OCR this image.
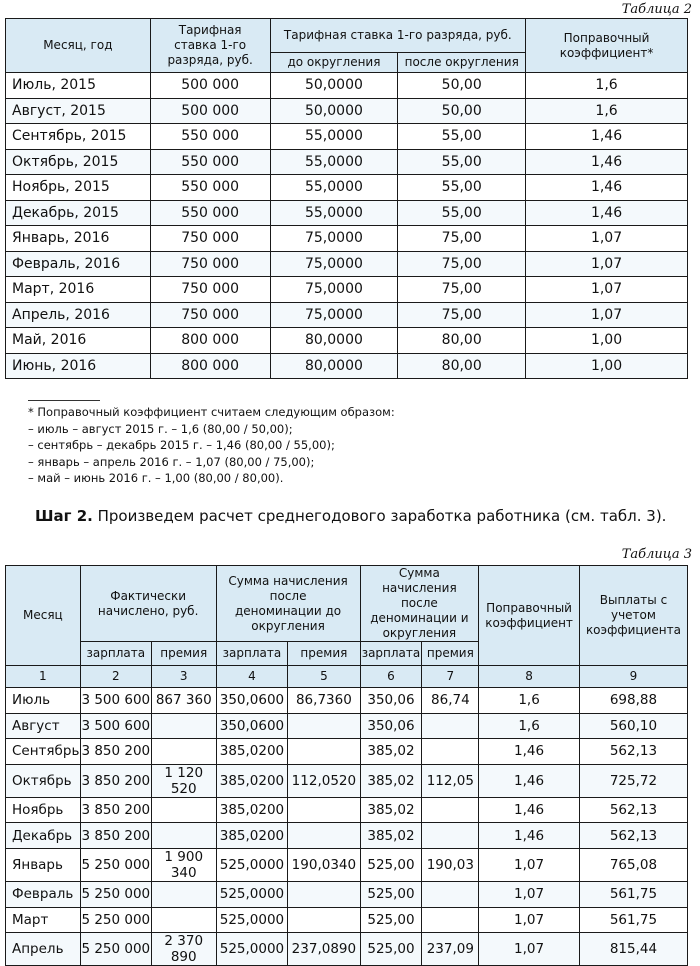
Таблица 2
Месяц, год	Тарифная ставка 1-го разряда, руб.	Тарифная ставка 1-го разряда, руб.		Поправочный коэффициент*
		до округления	после округления	
Июль, 2015	500 000	50,0000	50,00	1,6
Август, 2015	500 000	50,0000	50,00	1,6
Сентябрь, 2015	550 000	55,0000	55,00	1,46
Октябрь, 2015	550 000	55,0000	55,00	1,46
Ноябрь, 2015	550 000	55,0000	55,00	1,46
Декабрь, 2015	550 000	55,0000	55,00	1,46
Январь, 2016	750 000	75,0000	75,00	1,07
Февраль, 2016	750 000	75,0000	75,00	1,07
Март, 2016	750 000	75,0000	75,00	1,07
Апрель, 2016	750 000	75,0000	75,00	1,07
Май, 2016	800 000	80,0000	80,00	1,00
Июнь, 2016	800 000	80,0000	80,00	1,00
* Поправочный коэффициент считаем следующим образом:
– июль – август 2015 г. – 1,6 (80,00 / 50,00);
– сентябрь – декабрь 2015 г. – 1,46 (80,00 / 55,00);
– январь – апрель 2016 г. – 1,07 (80,00 / 75,00);
– май – июнь 2016 г. – 1,00 (80,00 / 80,00).
Шаг 2. Произведем расчет среднегодового заработка работника (см. табл. 3).
Таблица 3
Месяц	Фактически начислено, руб.		Сумма начисления после деноминации до округления		Сумма начисления после деноминации и округления		Поправочный коэффициент	Выплаты с учетом коэффициента
	зарплата	премия	зарплата	премия	зарплата	премия		
1	2	3	4	5	6	7	8	9
Июль	3 500 600	867 360	350,0600	86,7360	350,06	86,74	1,6	698,88
Август	3 500 600		350,0600		350,06		1,6	560,10
Сентябрь	3 850 200		385,0200		385,02		1,46	562,13
Октябрь	3 850 200	1 120 520	385,0200	112,0520	385,02	112,05	1,46	725,72
Ноябрь	3 850 200		385,0200		385,02		1,46	562,13
Декабрь	3 850 200		385,0200		385,02		1,46	562,13
Январь	5 250 000	1 900 340	525,0000	190,0340	525,00	190,03	1,07	765,08
Февраль	5 250 000		525,0000		525,00		1,07	561,75
Март	5 250 000		525,0000		525,00		1,07	561,75
Апрель	5 250 000	2 370 890	525,0000	237,0890	525,00	237,09	1,07	815,44
